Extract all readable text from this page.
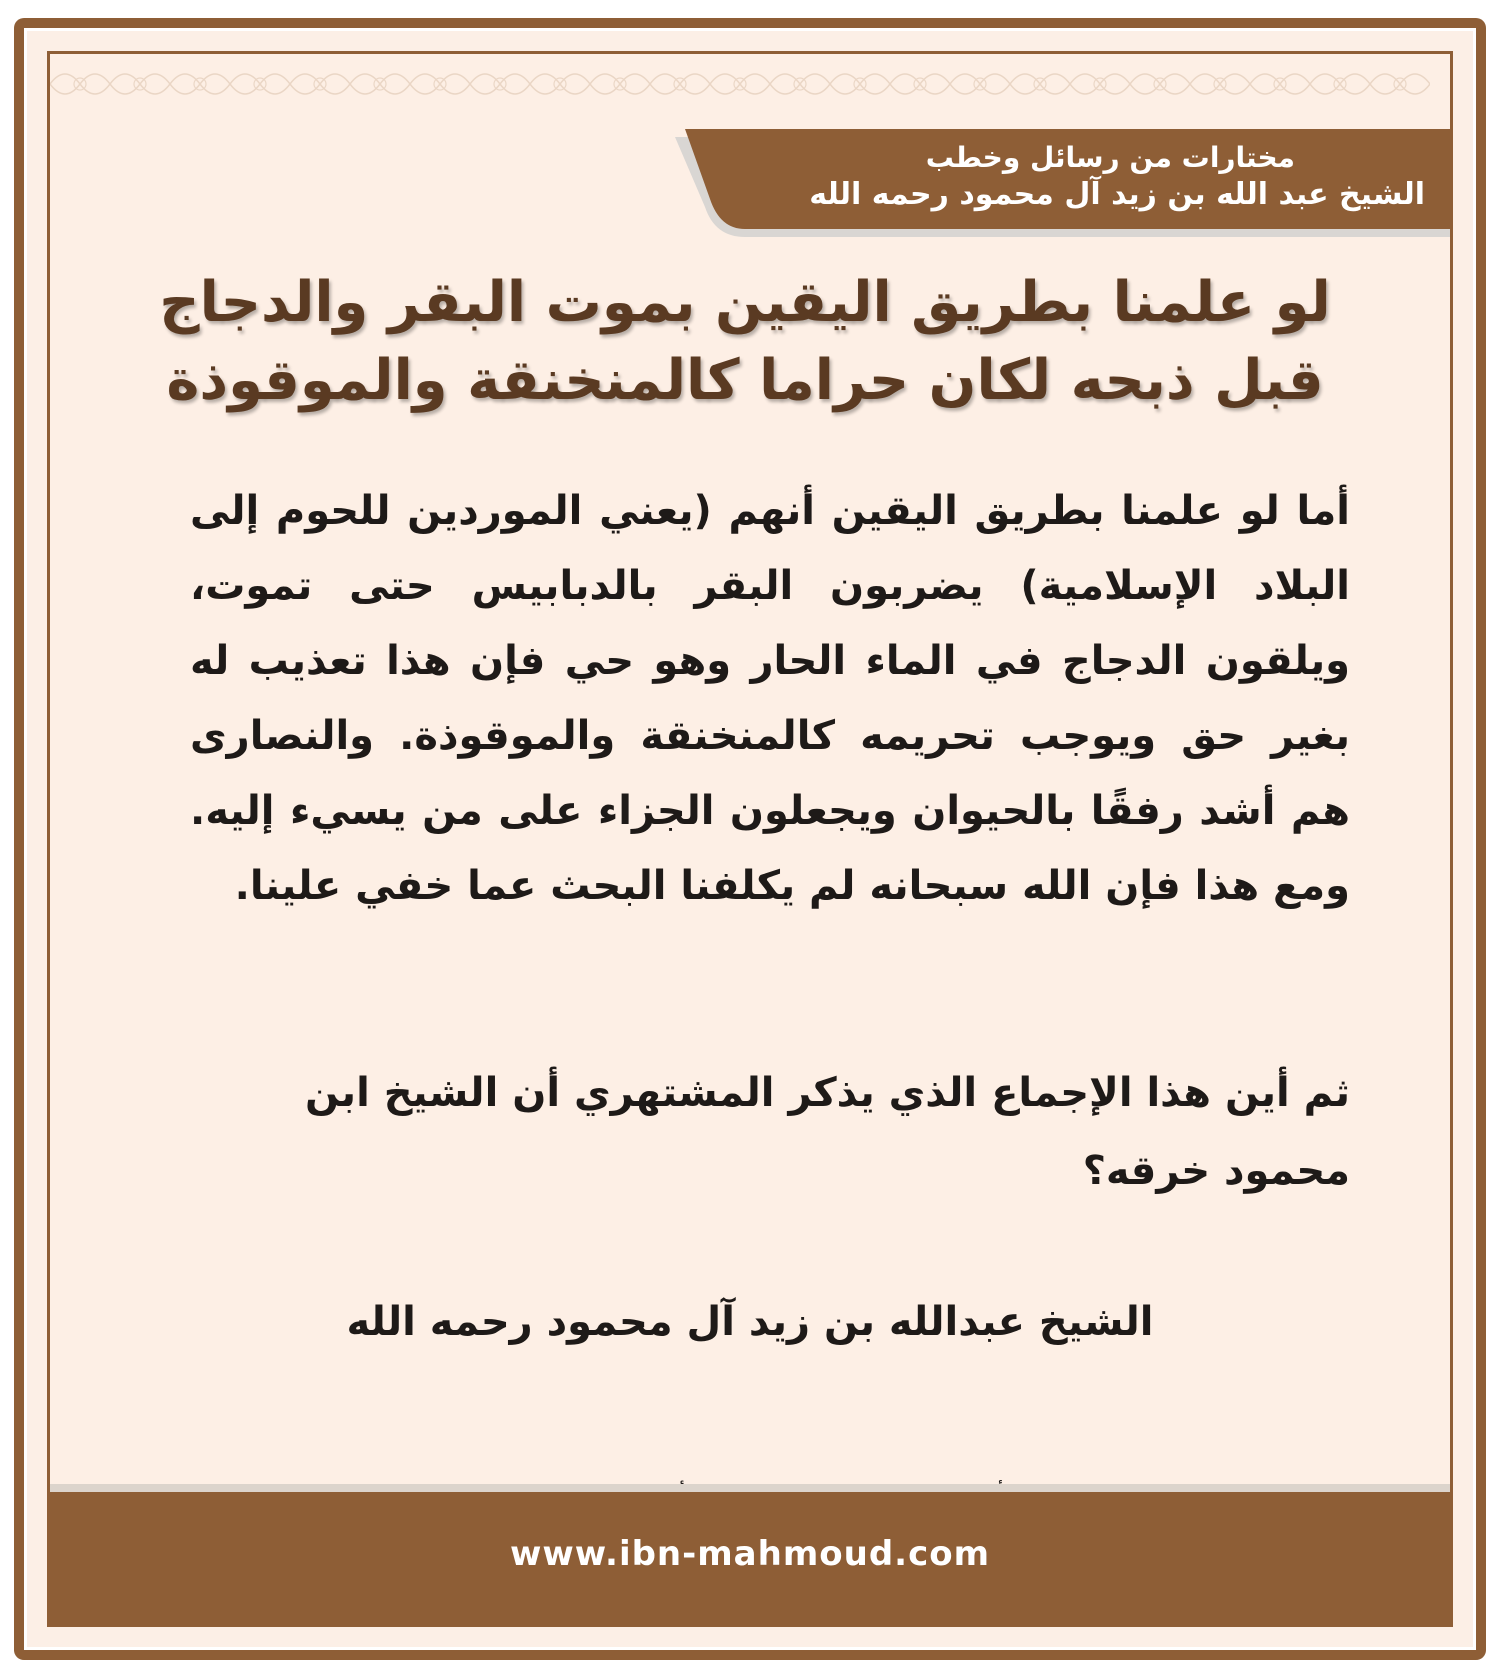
مختارات من رسائل وخطب
الشيخ عبد الله بن زيد آل محمود رحمه الله
لو علمنا بطريق اليقين بموت البقر والدجاج
قبل ذبحه لكان حراما كالمنخنقة والموقوذة
أما لو علمنا بطريق اليقين أنهم (يعني الموردين للحوم إلى البلاد الإسلامية) يضربون البقر بالدبابيس حتى تموت، ويلقون الدجاج في الماء الحار وهو حي فإن هذا تعذيب له بغير حق ويوجب تحريمه كالمنخنقة والموقوذة. والنصارى هم أشد رفقًا بالحيوان ويجعلون الجزاء على من يسيء إليه. ومع هذا فإن الله سبحانه لم يكلفنا البحث عما خفي علينا.
ثم أين هذا الإجماع الذي يذكر المشتهري أن الشيخ ابن محمود خرقه؟
الشيخ عبدالله بن زيد آل محمود رحمه الله
www.ibn-mahmoud.com
